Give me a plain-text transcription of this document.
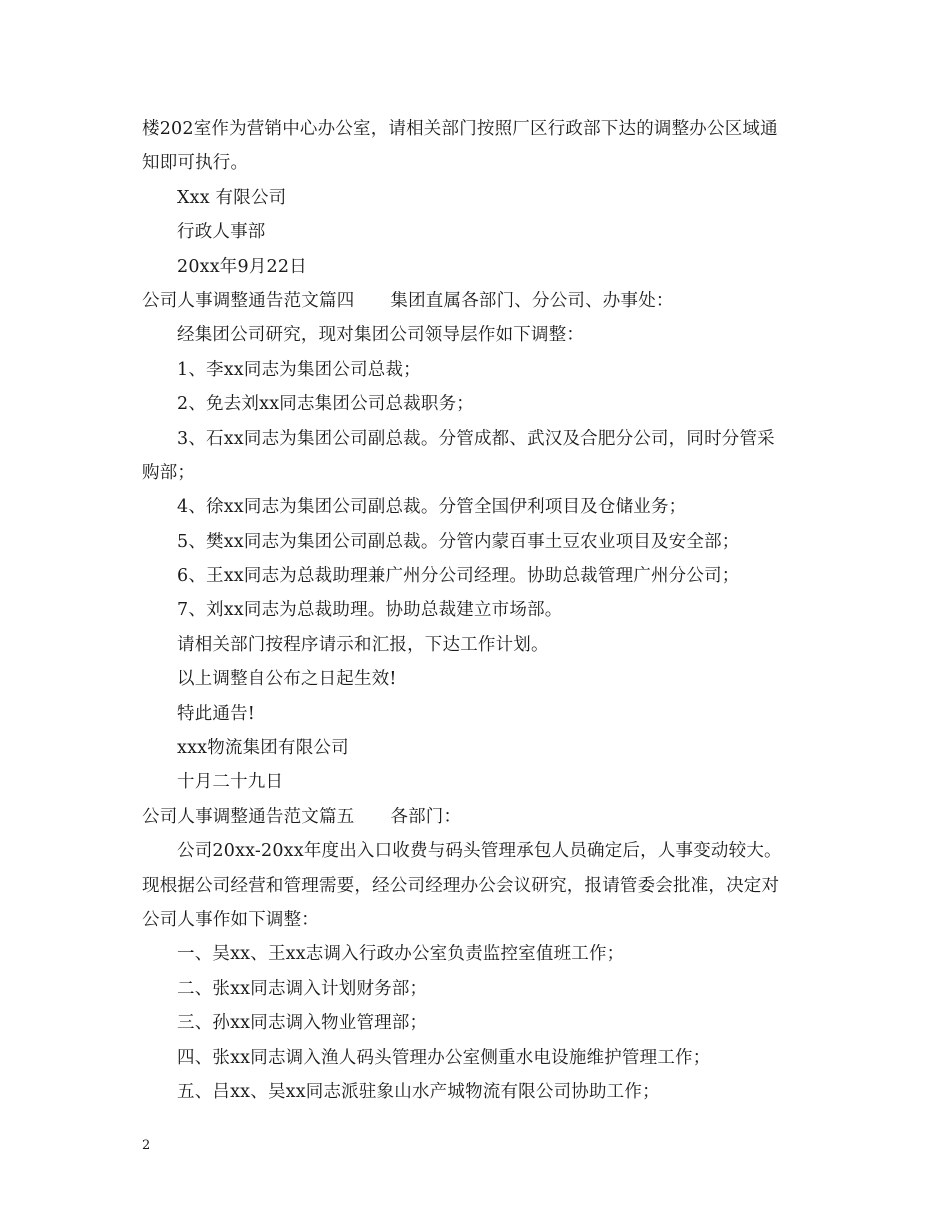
楼202室作为营销中心办公室，请相关部门按照厂区行政部下达的调整办公区域通
知即可执行。
Xxx 有限公司
行政人事部
20xx年9月22日
公司人事调整通告范文篇四 集团直属各部门、分公司、办事处：
经集团公司研究，现对集团公司领导层作如下调整：
1、李xx同志为集团公司总裁；
2、免去刘xx同志集团公司总裁职务；
3、石xx同志为集团公司副总裁。分管成都、武汉及合肥分公司，同时分管采
购部；
4、徐xx同志为集团公司副总裁。分管全国伊利项目及仓储业务；
5、樊xx同志为集团公司副总裁。分管内蒙百事土豆农业项目及安全部；
6、王xx同志为总裁助理兼广州分公司经理。协助总裁管理广州分公司；
7、刘xx同志为总裁助理。协助总裁建立市场部。
请相关部门按程序请示和汇报，下达工作计划。
以上调整自公布之日起生效!
特此通告!
xxx物流集团有限公司
十月二十九日
公司人事调整通告范文篇五 各部门：
公司20xx-20xx年度出入口收费与码头管理承包人员确定后，人事变动较大。
现根据公司经营和管理需要，经公司经理办公会议研究，报请管委会批准，决定对
公司人事作如下调整：
一、吴xx、王xx志调入行政办公室负责监控室值班工作；
二、张xx同志调入计划财务部；
三、孙xx同志调入物业管理部；
四、张xx同志调入渔人码头管理办公室侧重水电设施维护管理工作；
五、吕xx、吴xx同志派驻象山水产城物流有限公司协助工作；
2
